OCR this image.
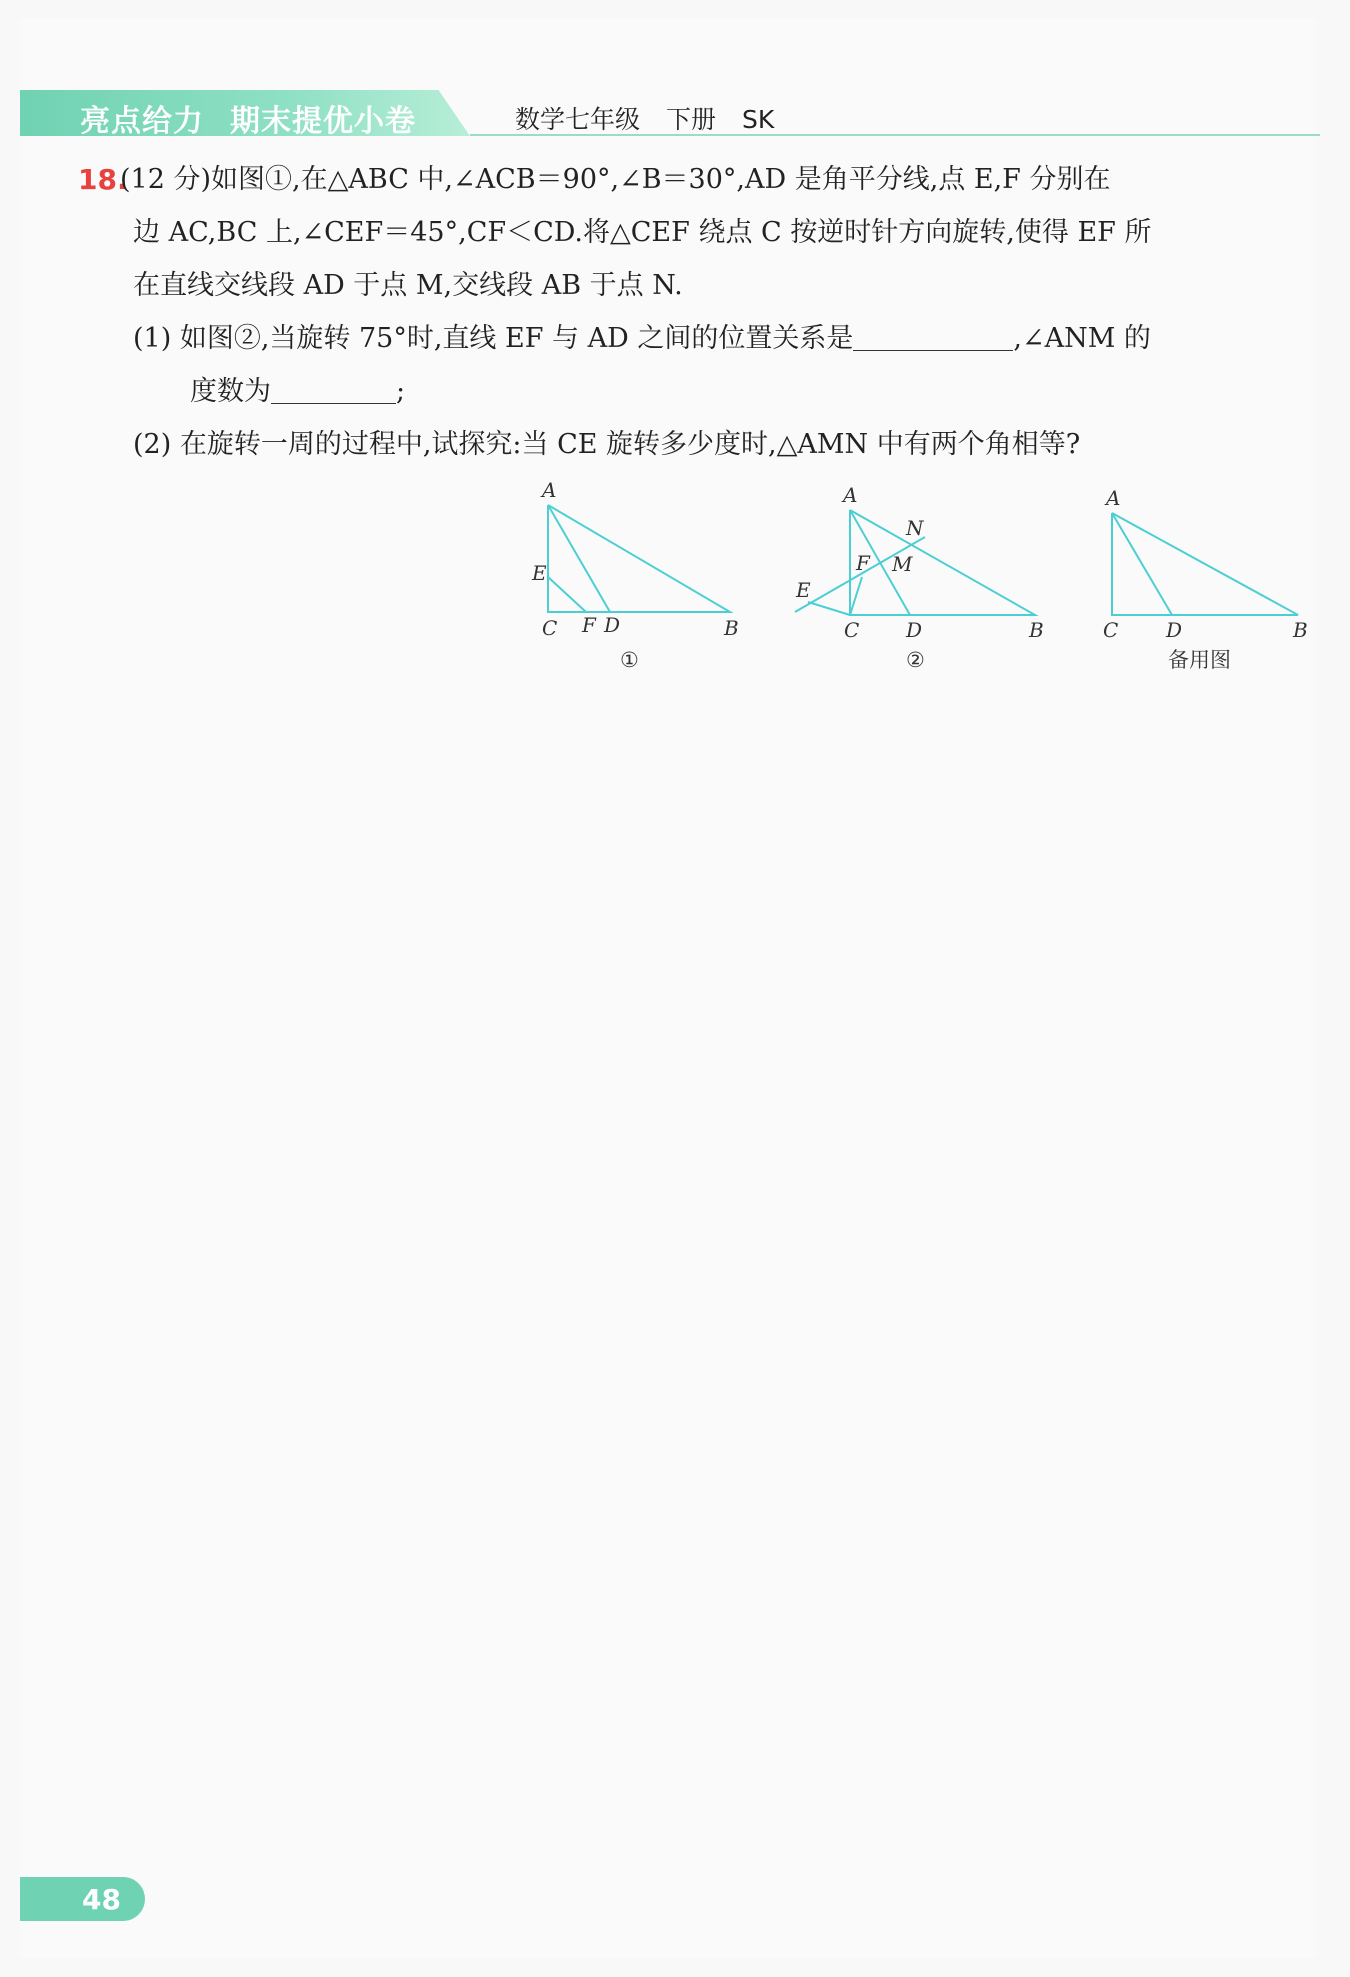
亮点给力 期末提优小卷	数学七年级 下册 SK
18.
(12 分)如图①,在△ABC 中,∠ACB＝90°,∠B＝30°,AD 是角平分线,点 E,F 分别在
边 AC,BC 上,∠CEF＝45°,CF＜CD.将△CEF 绕点 C 按逆时针方向旋转,使得 EF 所
在直线交线段 AD 于点 M,交线段 AB 于点 N.
(1) 如图②,当旋转 75°时,直线 EF 与 AD 之间的位置关系是	,∠ANM 的
度数为	;
(2) 在旋转一周的过程中,试探究:当 CE 旋转多少度时,△AMN 中有两个角相等?
A
E
C F D	B
①
A
N
F M
E
C D	B
②
A
C D	B
备用图
48
